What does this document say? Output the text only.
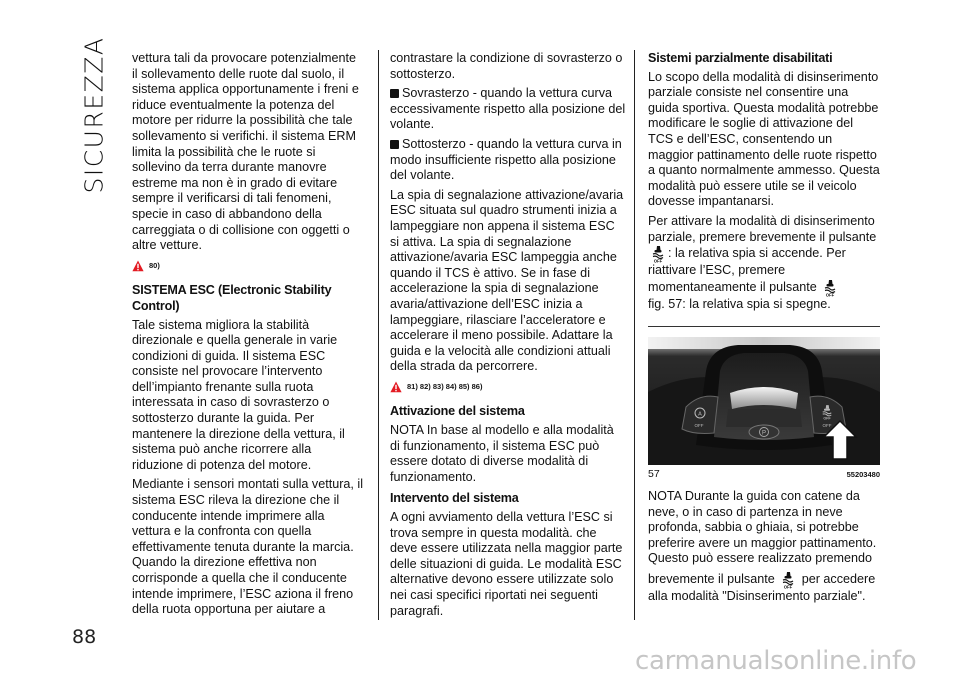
SICUREZZA
88

vettura tali da provocare potenzialmente il sollevamento delle ruote dal suolo, il sistema applica opportunamente i freni e riduce eventualmente la potenza del motore per ridurre la possibilità che tale sollevamento si verifichi. il sistema ERM limita la possibilità che le ruote si sollevino da terra durante manovre estreme ma non è in grado di evitare sempre il verificarsi di tali fenomeni, specie in caso di abbandono della carreggiata o di collisione con oggetti o altre vetture.

80)
SISTEMA ESC (Electronic Stability Control)

Tale sistema migliora la stabilità direzionale e quella generale in varie condizioni di guida. Il sistema ESC consiste nel provocare l’intervento dell’impianto frenante sulla ruota interessata in caso di sovrasterzo o sottosterzo durante la guida. Per mantenere la direzione della vettura, il sistema può anche ricorrere alla riduzione di potenza del motore.

Mediante i sensori montati sulla vettura, il sistema ESC rileva la direzione che il conducente intende imprimere alla vettura e la confronta con quella effettivamente tenuta durante la marcia. Quando la direzione effettiva non corrisponde a quella che il conducente intende imprimere, l’ESC aziona il freno della ruota opportuna per aiutare a

contrastare la condizione di sovrasterzo o sottosterzo.

Sovrasterzo - quando la vettura curva eccessivamente rispetto alla posizione del volante.

Sottosterzo - quando la vettura curva in modo insufficiente rispetto alla posizione del volante.

La spia di segnalazione attivazione/avaria ESC situata sul quadro strumenti inizia a lampeggiare non appena il sistema ESC si attiva. La spia di segnalazione attivazione/avaria ESC lampeggia anche quando il TCS è attivo. Se in fase di accelerazione la spia di segnalazione avaria/attivazione dell’ESC inizia a lampeggiare, rilasciare l’acceleratore e accelerare il meno possibile. Adattare la guida e la velocità alle condizioni attuali della strada da percorrere.

81) 82) 83) 84) 85) 86)
Attivazione del sistema

NOTA In base al modello e alla modalità di funzionamento, il sistema ESC può essere dotato di diverse modalità di funzionamento.

Intervento del sistema

A ogni avviamento della vettura l’ESC si trova sempre in questa modalità. che deve essere utilizzata nella maggior parte delle situazioni di guida. Le modalità ESC alternative devono essere utilizzate solo nei casi specifici riportati nei seguenti paragrafi.

Sistemi parzialmente disabilitati

Lo scopo della modalità di disinserimento parziale consiste nel consentire una guida sportiva. Questa modalità potrebbe modificare le soglie di attivazione del TCS e dell’ESC, consentendo un maggior pattinamento delle ruote rispetto a quanto normalmente ammesso. Questa modalità può essere utile se il veicolo dovesse impantanarsi.

Per attivare la modalità di disinserimento parziale, premere brevemente il pulsante : la relativa spia si accende. Per riattivare l’ESC, premere momentaneamente il pulsante
fig. 57: la relativa spia si spegne.

P
A
OFF	OFF
57	55203480

NOTA Durante la guida con catene da neve, o in caso di partenza in neve profonda, sabbia o ghiaia, si potrebbe preferire avere un maggior pattinamento. Questo può essere realizzato premendo

brevemente il pulsante per accedere alla modalità "Disinserimento parziale".

carmanualsonline.info
